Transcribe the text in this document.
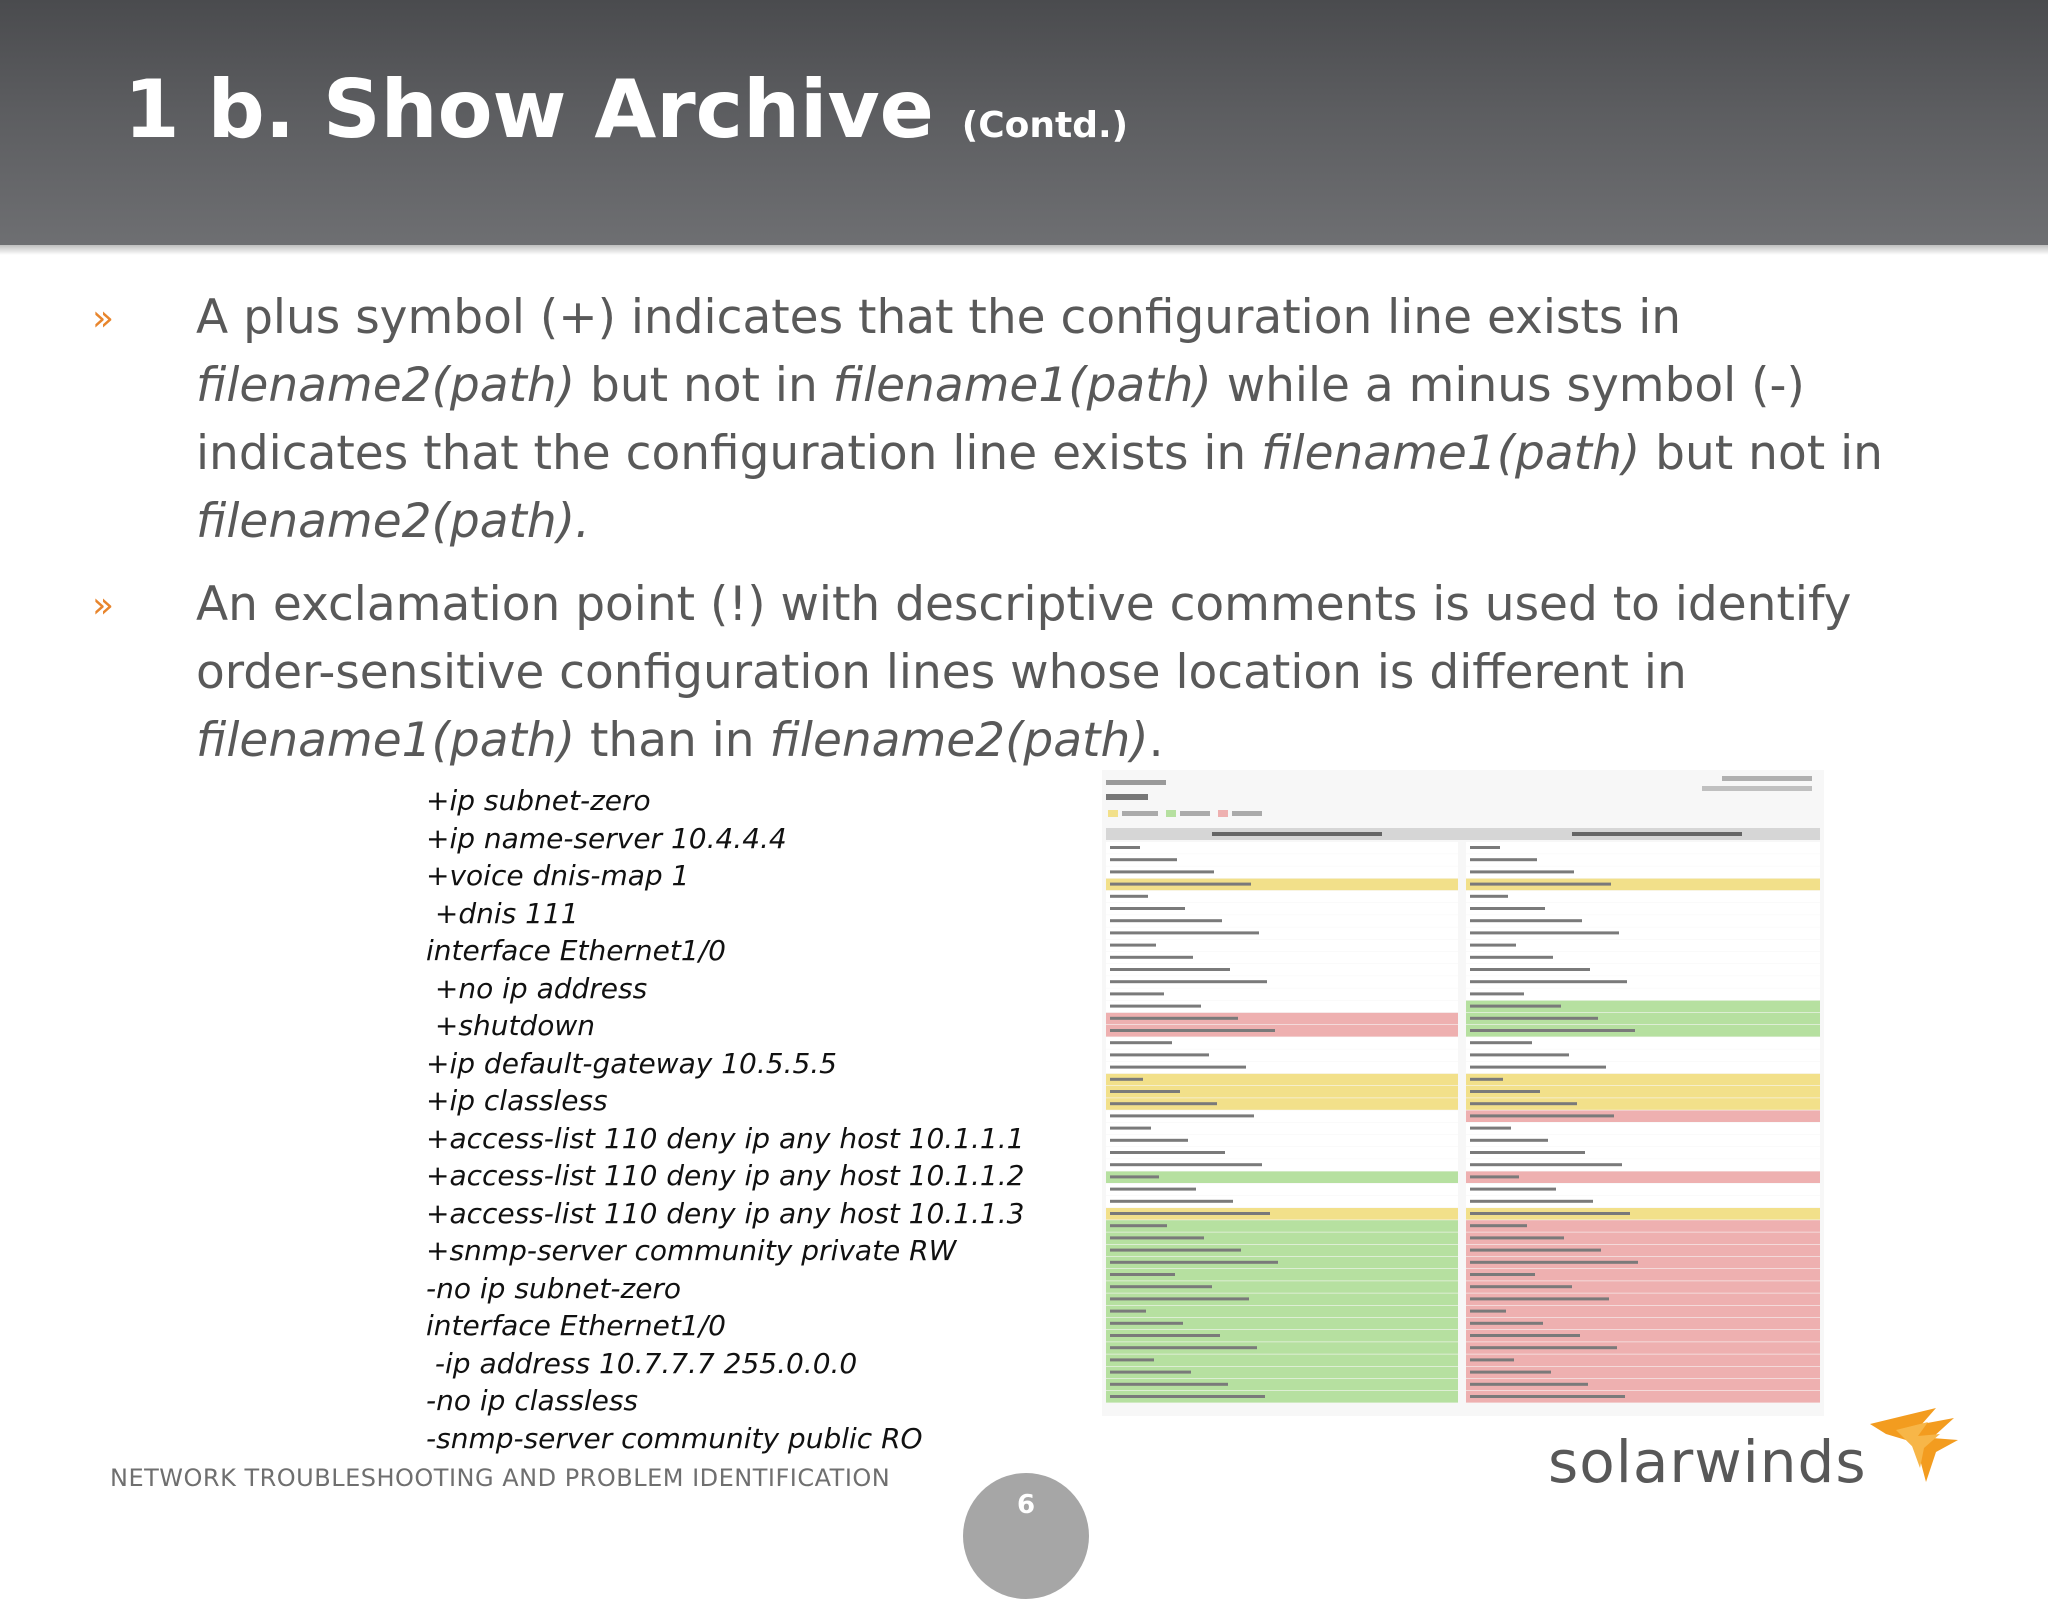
1 b. Show Archive (Contd.)
» A plus symbol (+) indicates that the configuration line exists in filename2(path) but not in filename1(path) while a minus symbol (-) indicates that the configuration line exists in filename1(path) but not in filename2(path).
» An exclamation point (!) with descriptive comments is used to identify order-sensitive configuration lines whose location is different in filename1(path) than in filename2(path).
+ip subnet-zero
+ip name-server 10.4.4.4
+voice dnis-map 1
+dnis 111
interface Ethernet1/0
+no ip address
+shutdown
+ip default-gateway 10.5.5.5
+ip classless
+access-list 110 deny ip any host 10.1.1.1
+access-list 110 deny ip any host 10.1.1.2
+access-list 110 deny ip any host 10.1.1.3
+snmp-server community private RW
-no ip subnet-zero
interface Ethernet1/0
-ip address 10.7.7.7 255.0.0.0
-no ip classless
-snmp-server community public RO
NETWORK TROUBLESHOOTING AND PROBLEM IDENTIFICATION
6
solarwinds
